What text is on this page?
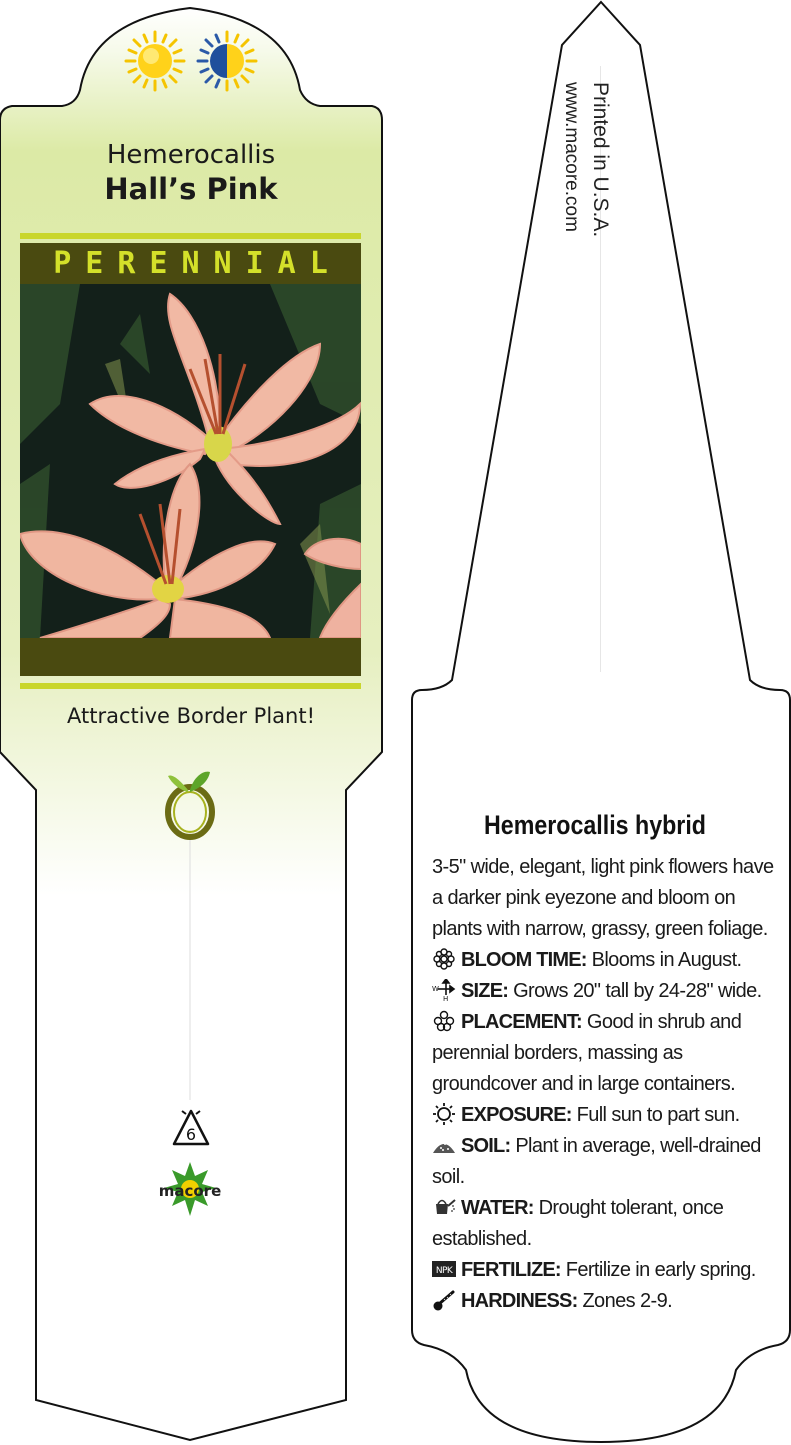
Hemerocallis
Hall’s Pink
PERENNIAL
Attractive Border Plant!
6
macore
Printed in U.S.A.
www.macore.com
Hemerocallis hybrid

3-5" wide, elegant, light pink flowers have a darker pink eyezone and bloom on plants with narrow, grassy, green foliage.

BLOOM TIME: Blooms in August.

W
H SIZE: Grows 20" tall by 24-28" wide.

PLACEMENT: Good in shrub and perennial borders, massing as groundcover and in large containers.

EXPOSURE: Full sun to part sun.

SOIL: Plant in average, well-drained soil.

WATER: Drought tolerant, once established.

NPK FERTILIZE: Fertilize in early spring.

HARDINESS: Zones 2-9.
